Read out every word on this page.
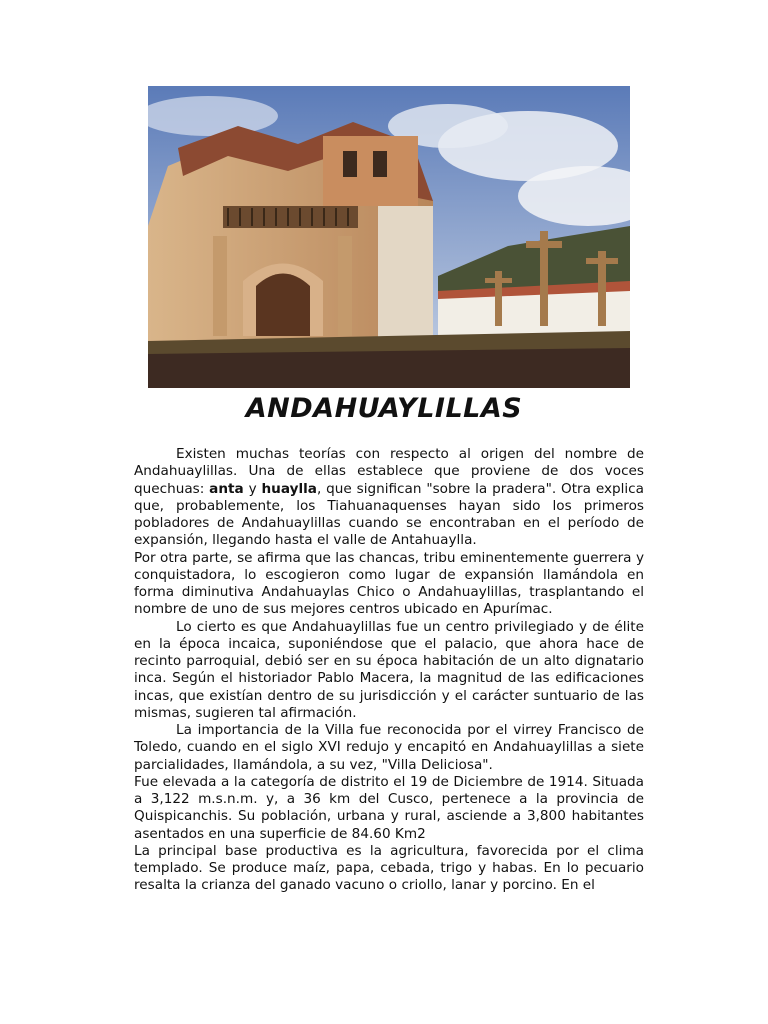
ANDAHUAYLILLAS

Existen muchas teorías con respecto al origen del nombre de Andahuaylillas. Una de ellas establece que proviene de dos voces quechuas: anta y huaylla, que significan "sobre la pradera". Otra explica que, probablemente, los Tiahuanaquenses hayan sido los primeros pobladores de Andahuaylillas cuando se encontraban en el período de expansión, llegando hasta el valle de Antahuaylla.

Por otra parte, se afirma que las chancas, tribu eminentemente guerrera y conquistadora, lo escogieron como lugar de expansión llamándola en forma diminutiva Andahuaylas Chico o Andahuaylillas, trasplantando el nombre de uno de sus mejores centros ubicado en Apurímac.

Lo cierto es que Andahuaylillas fue un centro privilegiado y de élite en la época incaica, suponiéndose que el palacio, que ahora hace de recinto parroquial, debió ser en su época habitación de un alto dignatario inca. Según el historiador Pablo Macera, la magnitud de las edificaciones incas, que existían dentro de su jurisdicción y el carácter suntuario de las mismas, sugieren tal afirmación.

La importancia de la Villa fue reconocida por el virrey Francisco de Toledo, cuando en el siglo XVI redujo y encapitó en Andahuaylillas a siete parcialidades, llamándola, a su vez, "Villa Deliciosa".

Fue elevada a la categoría de distrito el 19 de Diciembre de 1914. Situada a 3,122 m.s.n.m. y, a 36 km del Cusco, pertenece a la provincia de Quispicanchis. Su población, urbana y rural, asciende a 3,800 habitantes asentados en una superficie de 84.60 Km2

La principal base productiva es la agricultura, favorecida por el clima templado. Se produce maíz, papa, cebada, trigo y habas. En lo pecuario resalta la crianza del ganado vacuno o criollo, lanar y porcino. En el
